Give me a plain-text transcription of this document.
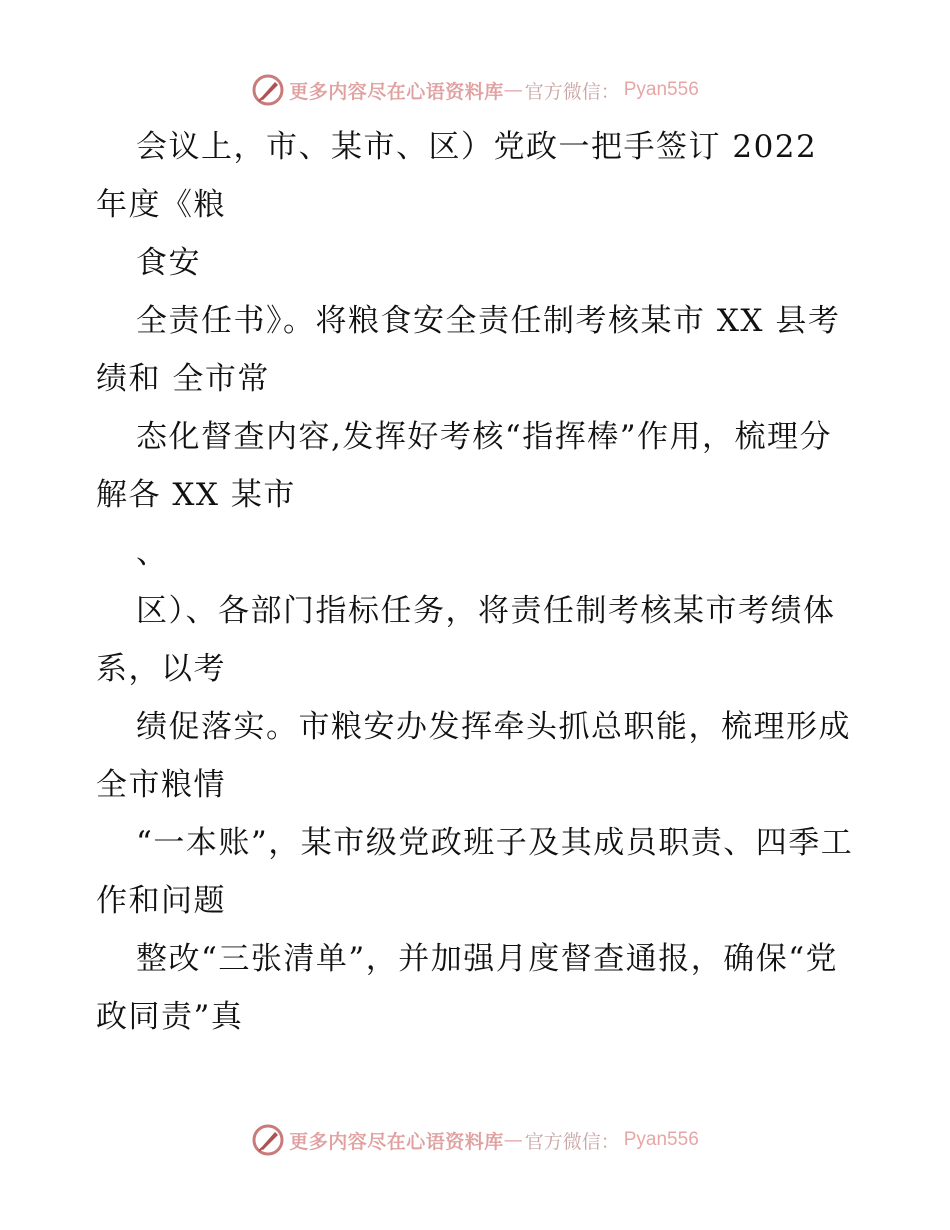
更多内容尽在心语资料库 — 官方微信： Pyan556

会议上，市、某市、区）党政一把手签订 2022 年度《粮

食安

全责任书》。将粮食安全责任制考核某市 XX 县考绩和 全市常

态化督查内容,发挥好考核“指挥棒”作用，梳理分解各 XX 某市

、

区）、各部门指标任务，将责任制考核某市考绩体系，以考

绩促落实。市粮安办发挥牵头抓总职能，梳理形成全市粮情

“一本账”，某市级党政班子及其成员职责、四季工作和问题

整改“三张清单”，并加强月度督查通报，确保“党政同责”真

更多内容尽在心语资料库 — 官方微信： Pyan556
